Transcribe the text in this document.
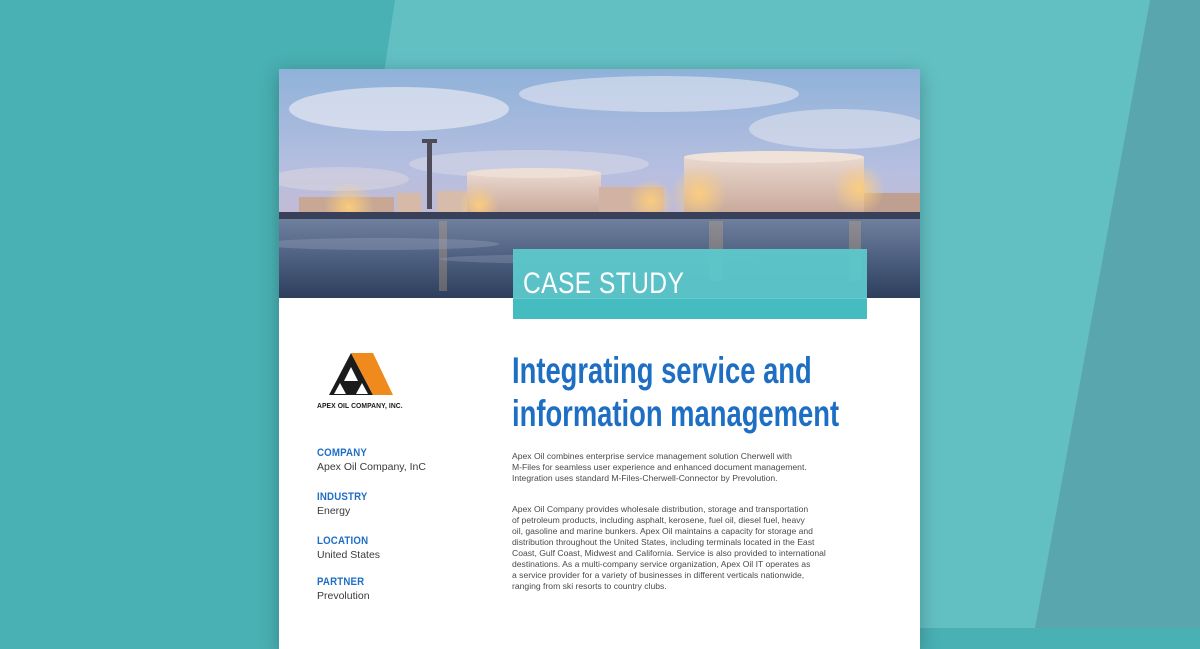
CASE STUDY
APEX OIL COMPANY, INC.
Integrating service and
information management
COMPANY
Apex Oil Company, InC
INDUSTRY
Energy
LOCATION
United States
PARTNER
Prevolution
Apex Oil combines enterprise service management solution Cherwell with
M-Files for seamless user experience and enhanced document management.
Integration uses standard M-Files-Cherwell-Connector by Prevolution.
Apex Oil Company provides wholesale distribution, storage and transportation
of petroleum products, including asphalt, kerosene, fuel oil, diesel fuel, heavy
oil, gasoline and marine bunkers. Apex Oil maintains a capacity for storage and
distribution throughout the United States, including terminals located in the East
Coast, Gulf Coast, Midwest and California. Service is also provided to international
destinations. As a multi-company service organization, Apex Oil IT operates as
a service provider for a variety of businesses in different verticals nationwide,
ranging from ski resorts to country clubs.
